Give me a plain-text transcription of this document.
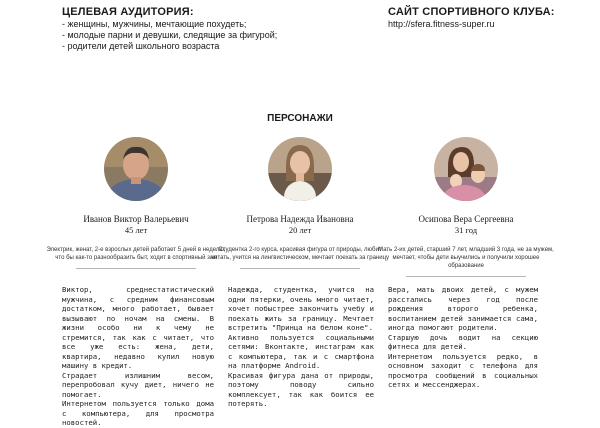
ЦЕЛЕВАЯ АУДИТОРИЯ:
- женщины, мужчины, мечтающие похудеть;
- молодые парни и девушки, следящие за фигурой;
- родители детей школьного возраста
САЙТ СПОРТИВНОГО КЛУБА:
http://sfera.fitness-super.ru
ПЕРСОНАЖИ
Иванов Виктор Валерьевич
45 лет
Электрик, женат, 2-е взрослых детей работает 5 дней в неделю, что бы как-то разнообразить быт, ходит в спортивный зал

Виктор, среднестатистический мужчина, с средним финансовым достатком, много работает, бывает вызывают по ночам на смены. В жизни особо ни к чему не стремится, так как с читает, что все уже есть: жена, дети, квартира, недавно купил новую машину в кредит.

Страдает излишним весом, перепробовал кучу диет, ничего не помогает.

Интернетом пользуется только дома с компьютера, для просмотра новостей.

Петрова Надежда Ивановна
20 лет
Студентка 2-го курса, красивая фигура от природы, любит читать, учится на лингвистическом, мечтает поехать за границу

Надежда, студентка, учится на одни пятерки, очень много читает, хочет побыстрее закончить учебу и поехать жить за границу. Мечтает встретить "Принца на белом коне".

Активно пользуется социальными сетями: Вконтакте, инстаграм как с компьютера, так и с смартфона на платформе Android.

Красивая фигура дана от природы, поэтому поводу сильно комплексует, так как боится ее потерять.

Осипова Вера Сергеевна
31 год
Мать 2-их детей, старший 7 лет, младший 3 года, не за мужем, мечтает, чтобы дети выучились и получили хорошее образование

Вера, мать двоих детей, с мужем расстались через год после рождения второго ребенка, воспитанием детей занимается сама, иногда помогают родители.

Старшую дочь водит на секцию фитнеса для детей.

Интернетом пользуется редко, в основном заходит с телефона для просмотра сообщений в социальных сетях и мессенджерах.
